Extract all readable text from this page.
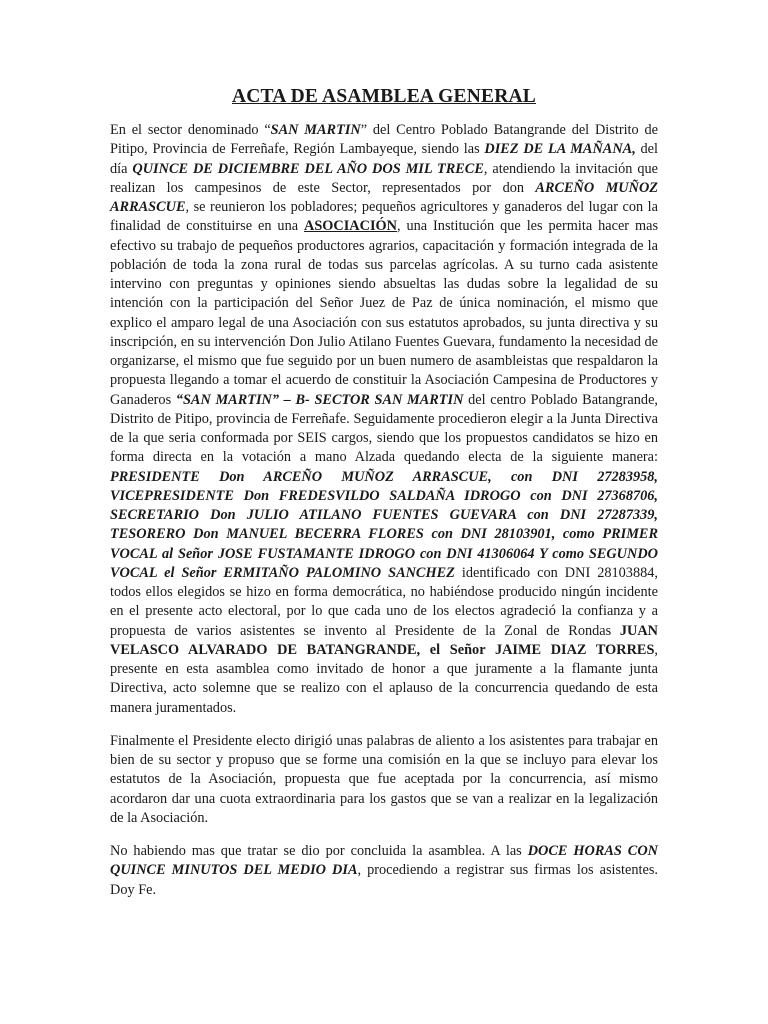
ACTA DE ASAMBLEA GENERAL

En el sector denominado “SAN MARTIN” del Centro Poblado Batangrande del Distrito de Pitipo, Provincia de Ferreñafe, Región Lambayeque, siendo las DIEZ DE LA MAÑANA, del día QUINCE DE DICIEMBRE DEL AÑO DOS MIL TRECE, atendiendo la invitación que realizan los campesinos de este Sector, representados por don ARCEÑO MUÑOZ ARRASCUE, se reunieron los pobladores; pequeños agricultores y ganaderos del lugar con la finalidad de constituirse en una ASOCIACIÓN, una Institución que les permita hacer mas efectivo su trabajo de pequeños productores agrarios, capacitación y formación integrada de la población de toda la zona rural de todas sus parcelas agrícolas. A su turno cada asistente intervino con preguntas y opiniones siendo absueltas las dudas sobre la legalidad de su intención con la participación del Señor Juez de Paz de única nominación, el mismo que explico el amparo legal de una Asociación con sus estatutos aprobados, su junta directiva y su inscripción, en su intervención Don Julio Atilano Fuentes Guevara, fundamento la necesidad de organizarse, el mismo que fue seguido por un buen numero de asambleistas que respaldaron la propuesta llegando a tomar el acuerdo de constituir la Asociación Campesina de Productores y Ganaderos “SAN MARTIN” – B- SECTOR SAN MARTIN del centro Poblado Batangrande, Distrito de Pitipo, provincia de Ferreñafe. Seguidamente procedieron elegir a la Junta Directiva de la que seria conformada por SEIS cargos, siendo que los propuestos candidatos se hizo en forma directa en la votación a mano Alzada quedando electa de la siguiente manera: PRESIDENTE Don ARCEÑO MUÑOZ ARRASCUE, con DNI 27283958, VICEPRESIDENTE Don FREDESVILDO SALDAÑA IDROGO con DNI 27368706, SECRETARIO Don JULIO ATILANO FUENTES GUEVARA con DNI 27287339, TESORERO Don MANUEL BECERRA FLORES con DNI 28103901, como PRIMER VOCAL al Señor JOSE FUSTAMANTE IDROGO con DNI 41306064 Y como SEGUNDO VOCAL el Señor ERMITAÑO PALOMINO SANCHEZ identificado con DNI 28103884, todos ellos elegidos se hizo en forma democrática, no habiéndose producido ningún incidente en el presente acto electoral, por lo que cada uno de los electos agradeció la confianza y a propuesta de varios asistentes se invento al Presidente de la Zonal de Rondas JUAN VELASCO ALVARADO DE BATANGRANDE, el Señor JAIME DIAZ TORRES, presente en esta asamblea como invitado de honor a que juramente a la flamante junta Directiva, acto solemne que se realizo con el aplauso de la concurrencia quedando de esta manera juramentados.

Finalmente el Presidente electo dirigió unas palabras de aliento a los asistentes para trabajar en bien de su sector y propuso que se forme una comisión en la que se incluyo para elevar los estatutos de la Asociación, propuesta que fue aceptada por la concurrencia, así mismo acordaron dar una cuota extraordinaria para los gastos que se van a realizar en la legalización de la Asociación.

No habiendo mas que tratar se dio por concluida la asamblea. A las DOCE HORAS CON QUINCE MINUTOS DEL MEDIO DIA, procediendo a registrar sus firmas los asistentes. Doy Fe.
